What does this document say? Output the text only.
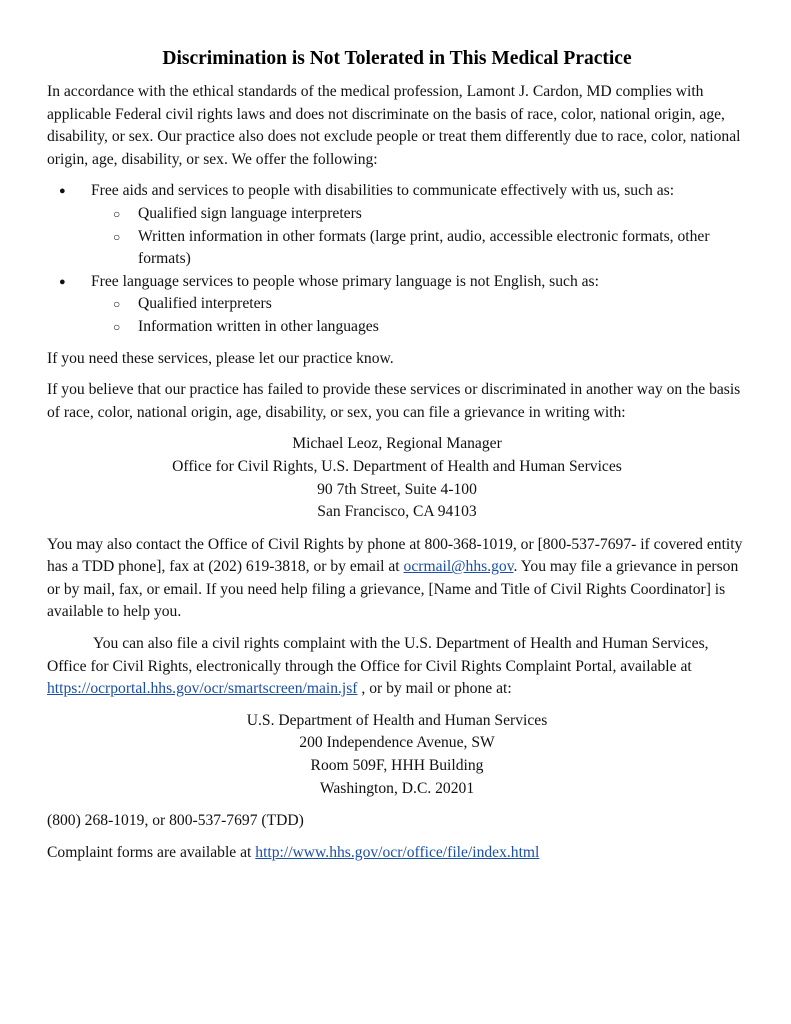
Discrimination is Not Tolerated in This Medical Practice

In accordance with the ethical standards of the medical profession, Lamont J. Cardon, MD complies with applicable Federal civil rights laws and does not discriminate on the basis of race, color, national origin, age, disability, or sex. Our practice also does not exclude people or treat them differently due to race, color, national origin, age, disability, or sex. We offer the following:

● Free aids and services to people with disabilities to communicate effectively with us, such as:
○ Qualified sign language interpreters
○ Written information in other formats (large print, audio, accessible electronic formats, other formats)
● Free language services to people whose primary language is not English, such as:
○ Qualified interpreters
○ Information written in other languages

If you need these services, please let our practice know.

If you believe that our practice has failed to provide these services or discriminated in another way on the basis of race, color, national origin, age, disability, or sex, you can file a grievance in writing with:

Michael Leoz, Regional Manager
Office for Civil Rights, U.S. Department of Health and Human Services
90 7th Street, Suite 4-100
San Francisco, CA 94103

You may also contact the Office of Civil Rights by phone at 800-368-1019, or [800-537-7697- if covered entity has a TDD phone], fax at (202) 619-3818, or by email at ocrmail@hhs.gov. You may file a grievance in person or by mail, fax, or email. If you need help filing a grievance, [Name and Title of Civil Rights Coordinator] is available to help you.

You can also file a civil rights complaint with the U.S. Department of Health and Human Services, Office for Civil Rights, electronically through the Office for Civil Rights Complaint Portal, available at https://ocrportal.hhs.gov/ocr/smartscreen/main.jsf , or by mail or phone at:

U.S. Department of Health and Human Services
200 Independence Avenue, SW
Room 509F, HHH Building
Washington, D.C. 20201

(800) 268-1019, or 800-537-7697 (TDD)

Complaint forms are available at http://www.hhs.gov/ocr/office/file/index.html
